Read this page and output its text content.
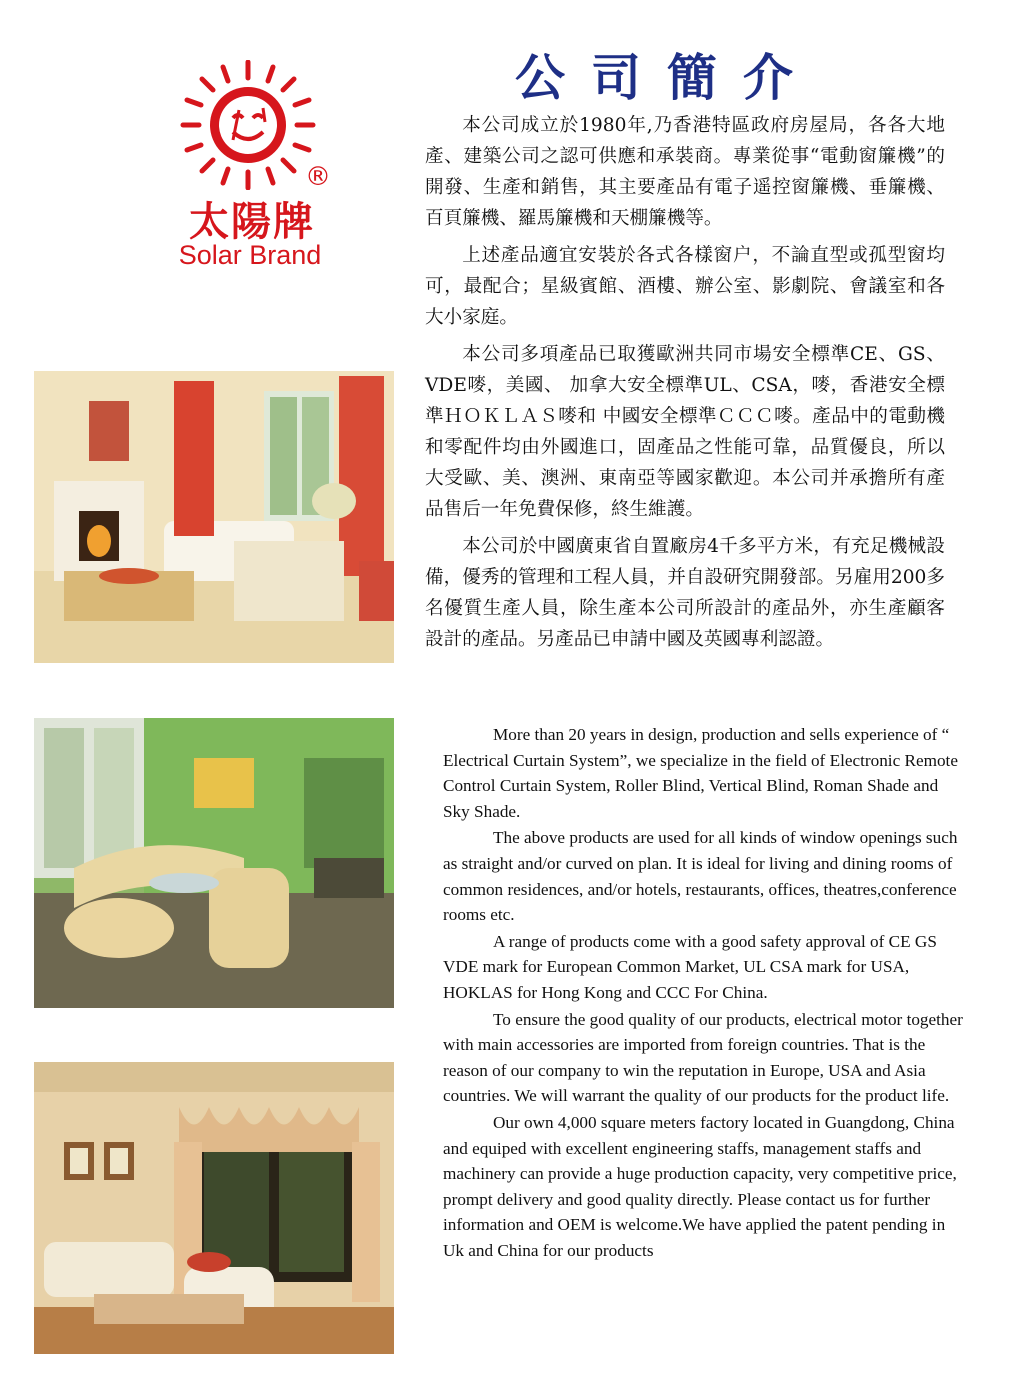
®
太陽牌
Solar Brand
公司簡介

本公司成立於1980年,乃香港特區政府房屋局，各各大地產、建築公司之認可供應和承裝商。專業從事“電動窗簾機”的開發、生產和銷售，其主要產品有電子遥控窗簾機、垂簾機、百頁簾機、羅馬簾機和天棚簾機等。

上述產品適宜安裝於各式各樣窗户，不論直型或孤型窗均可，最配合；星級賓館、酒樓、辦公室、影劇院、會議室和各大小家庭。

本公司多項產品已取獲歐洲共同市場安全標準CE、GS、VDE嘜，美國、 加拿大安全標準UL、CSA，嘜，香港安全標準ＨＯＫＬＡＳ嘜和 中國安全標準ＣＣＣ嘜。產品中的電動機和零配件均由外國進口，固產品之性能可靠，品質優良，所以大受歐、美、澳洲、東南亞等國家歡迎。本公司并承擔所有產品售后一年免費保修，終生維護。

本公司於中國廣東省自置廠房4千多平方米，有充足機械設備，優秀的管理和工程人員，并自設研究開發部。另雇用200多名優質生產人員，除生產本公司所設計的產品外，亦生產顧客設計的產品。另產品已申請中國及英國專利認證。

More than 20 years in design, production and sells experience of “ Electrical Curtain System”, we specialize in the field of Electronic Remote Control Curtain System, Roller Blind, Vertical Blind, Roman Shade and Sky Shade.

The above products are used for all kinds of window openings such as straight and/or curved on plan. It is ideal for living and dining rooms of common residences, and/or hotels, restaurants, offices, theatres,conference rooms etc.

A range of products come with a good safety approval of CE GS VDE mark for European Common Market, UL CSA mark for USA, HOKLAS for Hong Kong and CCC For China.

To ensure the good quality of our products, electrical motor together with main accessories are imported from foreign countries. That is the reason of our company to win the reputation in Europe, USA and Asia countries. We will warrant the quality of our products for the product life.

Our own 4,000 square meters factory located in Guangdong, China and equiped with excellent engineering staffs, management staffs and machinery can provide a huge production capacity, very competitive price, prompt delivery and good quality directly. Please contact us for further information and OEM is welcome.We have applied the patent pending in Uk and China for our products
